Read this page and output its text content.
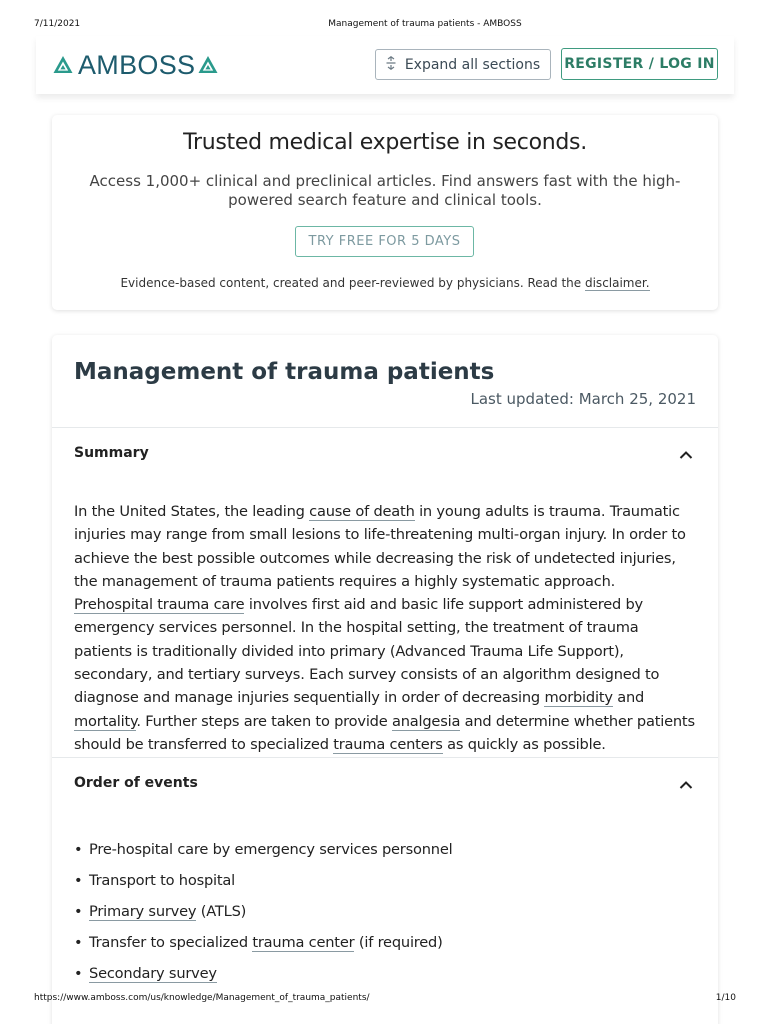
7/11/2021	Management of trauma patients - AMBOSS
AMBOSS	Expand all sections REGISTER / LOG IN
Trusted medical expertise in seconds.
Access 1,000+ clinical and preclinical articles. Find answers fast with the high-powered search feature and clinical tools.
TRY FREE FOR 5 DAYS
Evidence-based content, created and peer-reviewed by physicians. Read the disclaimer.
Management of trauma patients
Last updated: March 25, 2021
Summary
In the United States, the leading cause of death in young adults is trauma. Traumatic injuries may range from small lesions to life-threatening multi-organ injury. In order to achieve the best possible outcomes while decreasing the risk of undetected injuries, the management of trauma patients requires a highly systematic approach. Prehospital trauma care involves first aid and basic life support administered by emergency services personnel. In the hospital setting, the treatment of trauma patients is traditionally divided into primary (Advanced Trauma Life Support), secondary, and tertiary surveys. Each survey consists of an algorithm designed to diagnose and manage injuries sequentially in order of decreasing morbidity and mortality. Further steps are taken to provide analgesia and determine whether patients should be transferred to specialized trauma centers as quickly as possible.
Order of events
• Pre-hospital care by emergency services personnel
• Transport to hospital
• Primary survey (ATLS)
• Transfer to specialized trauma center (if required)
• Secondary survey
https://www.amboss.com/us/knowledge/Management_of_trauma_patients/	1/10
